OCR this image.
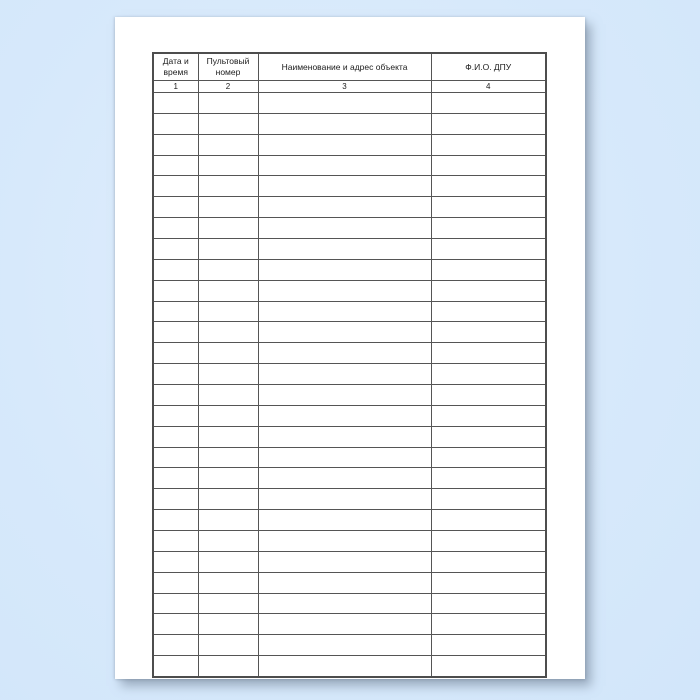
Дата и время	Пультовый номер	Наименование и адрес объекта	Ф.И.О. ДПУ
1	2	3	4
